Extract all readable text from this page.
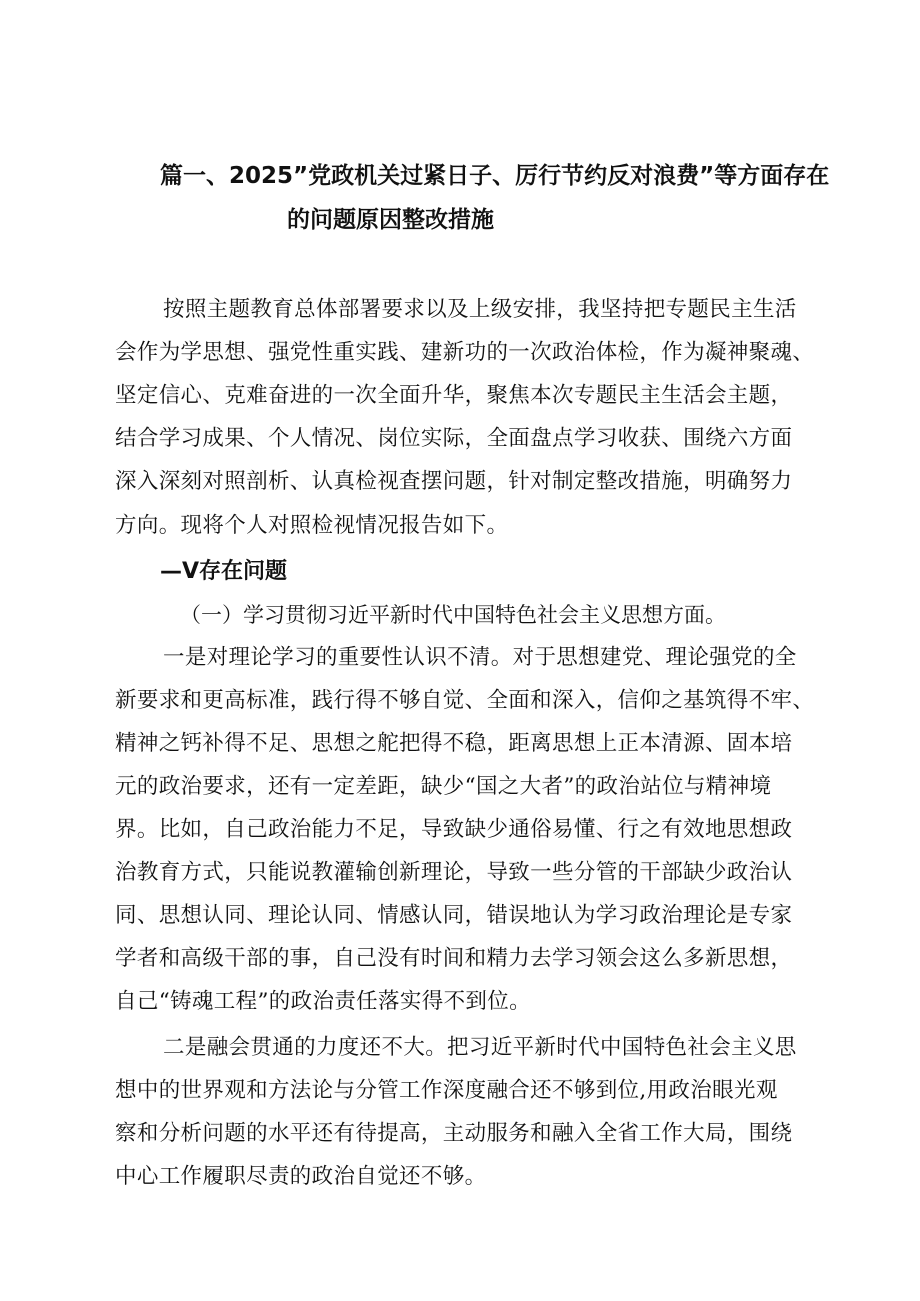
篇一、2025”党政机关过紧日子、厉行节约反对浪费”等方面存在
的问题原因整改措施
按照主题教育总体部署要求以及上级安排，我坚持把专题民主生活
会作为学思想、强党性重实践、建新功的一次政治体检，作为凝神聚魂、
坚定信心、克难奋进的一次全面升华，聚焦本次专题民主生活会主题，
结合学习成果、个人情况、岗位实际，全面盘点学习收获、围绕六方面
深入深刻对照剖析、认真检视査摆问题，针对制定整改措施，明确努力
方向。现将个人对照检视情况报告如下。
—V存在问题
（一）学习贯彻习近平新时代中国特色社会主义思想方面。
一是对理论学习的重要性认识不清。对于思想建党、理论强党的全
新要求和更高标准，践行得不够自觉、全面和深入，信仰之基筑得不牢、
精神之钙补得不足、思想之舵把得不稳，距离思想上正本清源、固本培
元的政治要求，还有一定差距，缺少“国之大者”的政治站位与精神境
界。比如，自己政治能力不足，导致缺少通俗易懂、行之有效地思想政
治教育方式，只能说教灌输创新理论，导致一些分管的干部缺少政治认
同、思想认同、理论认同、情感认同，错误地认为学习政治理论是专家
学者和高级干部的事，自己没有时间和精力去学习领会这么多新思想，
自己“铸魂工程”的政治责任落实得不到位。
二是融会贯通的力度还不大。把习近平新时代中国特色社会主义思
想中的世界观和方法论与分管工作深度融合还不够到位,用政治眼光观
察和分析问题的水平还有待提高，主动服务和融入全省工作大局，围绕
中心工作履职尽责的政治自觉还不够。
